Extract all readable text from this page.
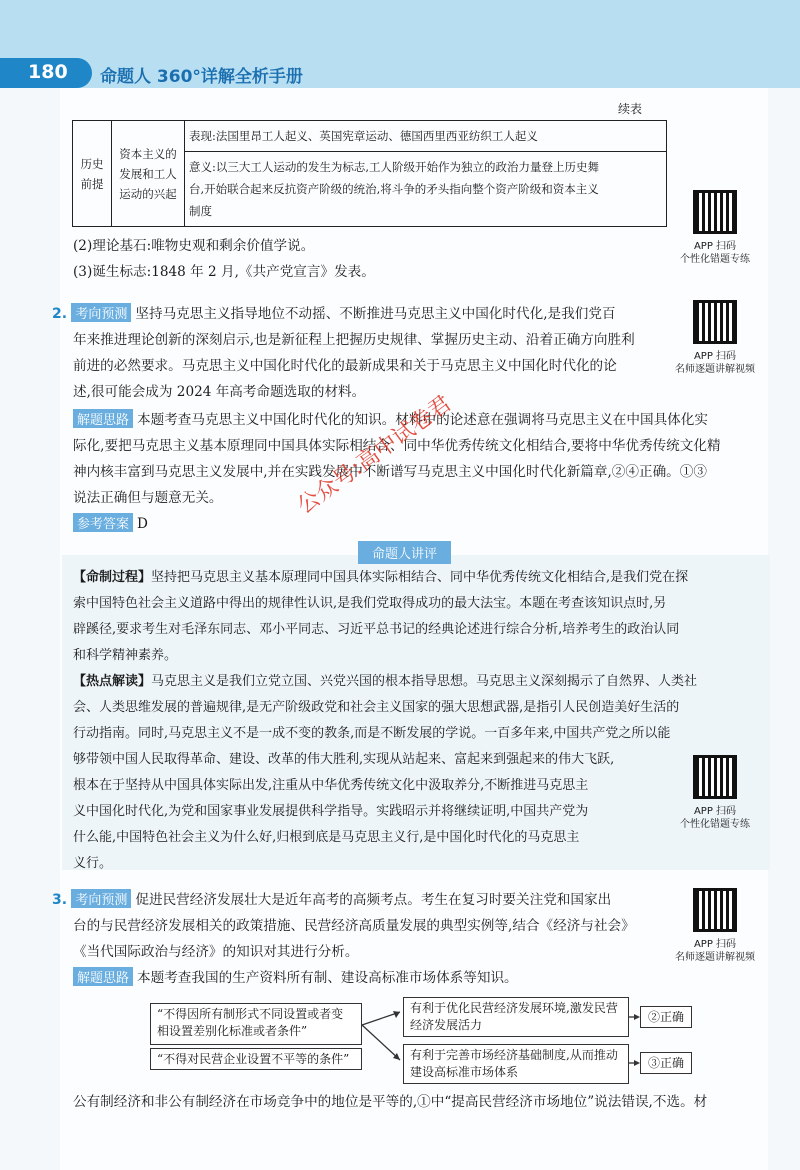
180 命题人 360°详解全析手册
续表
历史前提	资本主义的发展和工人运动的兴起	表现:法国里昂工人起义、英国宪章运动、德国西里西亚纺织工人起义

意义:以三大工人运动的发生为标志,工人阶级开始作为独立的政治力量登上历史舞
台,开始联合起来反抗资产阶级的统治,将斗争的矛头指向整个资产阶级和资本主义
制度
APP 扫码
个性化错题专练
(2)理论基石:唯物史观和剩余价值学说。
(3)诞生标志:1848 年 2 月,《共产党宣言》发表。
2. 考向预测 坚持马克思主义指导地位不动摇、不断推进马克思主义中国化时代化,是我们党百
年来推进理论创新的深刻启示,也是新征程上把握历史规律、掌握历史主动、沿着正确方向胜利
前进的必然要求。马克思主义中国化时代化的最新成果和关于马克思主义中国化时代化的论
述,很可能会成为 2024 年高考命题选取的材料。
APP 扫码
名师逐题讲解视频
解题思路 本题考查马克思主义中国化时代化的知识。材料中的论述意在强调将马克思主义在中国具体化实
际化,要把马克思主义基本原理同中国具体实际相结合、同中华优秀传统文化相结合,要将中华优秀传统文化精
神内核丰富到马克思主义发展中,并在实践发展中不断谱写马克思主义中国化时代化新篇章,②④正确。①③
说法正确但与题意无关。
参考答案 D
命题人讲评
【命制过程】坚持把马克思主义基本原理同中国具体实际相结合、同中华优秀传统文化相结合,是我们党在探
索中国特色社会主义道路中得出的规律性认识,是我们党取得成功的最大法宝。本题在考查该知识点时,另
辟蹊径,要求考生对毛泽东同志、邓小平同志、习近平总书记的经典论述进行综合分析,培养考生的政治认同
和科学精神素养。
【热点解读】马克思主义是我们立党立国、兴党兴国的根本指导思想。马克思主义深刻揭示了自然界、人类社
会、人类思维发展的普遍规律,是无产阶级政党和社会主义国家的强大思想武器,是指引人民创造美好生活的
行动指南。同时,马克思主义不是一成不变的教条,而是不断发展的学说。一百多年来,中国共产党之所以能
够带领中国人民取得革命、建设、改革的伟大胜利,实现从站起来、富起来到强起来的伟大飞跃,
根本在于坚持从中国具体实际出发,注重从中华优秀传统文化中汲取养分,不断推进马克思主
义中国化时代化,为党和国家事业发展提供科学指导。实践昭示并将继续证明,中国共产党为
什么能,中国特色社会主义为什么好,归根到底是马克思主义行,是中国化时代化的马克思主
义行。
APP 扫码
个性化错题专练
公众号:高中试卷君
3. 考向预测 促进民营经济发展壮大是近年高考的高频考点。考生在复习时要关注党和国家出
台的与民营经济发展相关的政策措施、民营经济高质量发展的典型实例等,结合《经济与社会》
《当代国际政治与经济》的知识对其进行分析。
解题思路 本题考查我国的生产资料所有制、建设高标准市场体系等知识。
APP 扫码
名师逐题讲解视频
“不得因所有制形式不同设置或者变相设置差别化标准或者条件”
“不得对民营企业设置不平等的条件”
有利于优化民营经济发展环境,激发民营经济发展活力
有利于完善市场经济基础制度,从而推动建设高标准市场体系
②正确
③正确
公有制经济和非公有制经济在市场竞争中的地位是平等的,①中“提高民营经济市场地位”说法错误,不选。材
